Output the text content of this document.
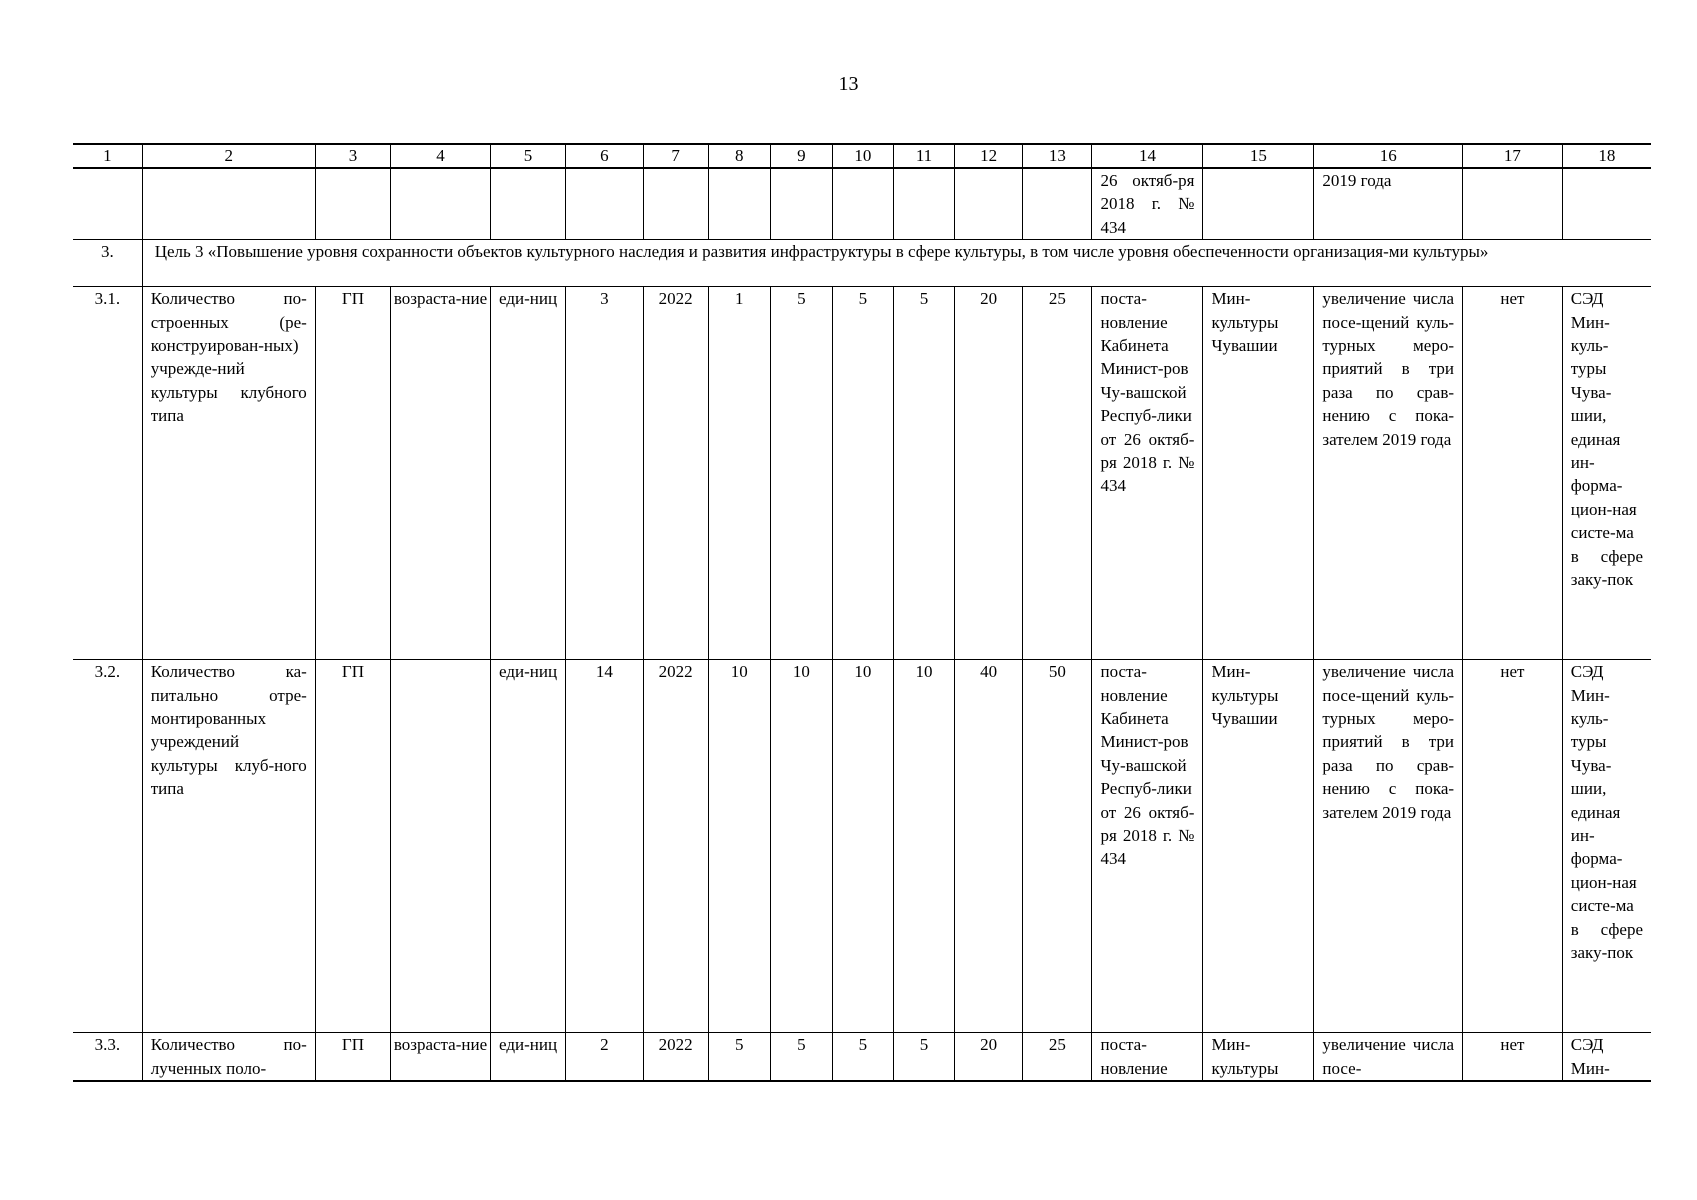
13
1	2	3	4	5	6	7	8	9	10	11	12	13	14	15	16	17	18
													26 октяб-ря 2018 г. № 434		2019 года		
3.	Цель 3 «Повышение уровня сохранности объектов культурного наследия и развития инфраструктуры в сфере культуры, в том числе уровня обеспеченности организация-ми культуры»																
3.1.	Количество по-строенных (ре-конструирован-ных) учрежде-ний культуры клубного типа	ГП	возраста-ние	еди-ниц	3	2022	1	5	5	5	20	25	поста-новление Кабинета Минист-ров Чу-вашской Респуб-лики от 26 октяб-ря 2018 г. № 434	Мин-культуры Чувашии	увеличение числа посе-щений куль-турных меро-приятий в три раза по срав-нению с пока-зателем 2019 года	нет	СЭД Мин-куль-туры Чува-шии, единая ин-форма-цион-ная систе-ма в сфере заку-пок
3.2.	Количество ка-питально отре-монтированных учреждений культуры клуб-ного типа	ГП		еди-ниц	14	2022	10	10	10	10	40	50	поста-новление Кабинета Минист-ров Чу-вашской Респуб-лики от 26 октяб-ря 2018 г. № 434	Мин-культуры Чувашии	увеличение числа посе-щений куль-турных меро-приятий в три раза по срав-нению с пока-зателем 2019 года	нет	СЭД Мин-куль-туры Чува-шии, единая ин-форма-цион-ная систе-ма в сфере заку-пок
3.3.	Количество по-лученных поло-	ГП	возраста-ние	еди-ниц	2	2022	5	5	5	5	20	25	поста-новление	Мин-культуры	увеличение числа посе-	нет	СЭД Мин-
